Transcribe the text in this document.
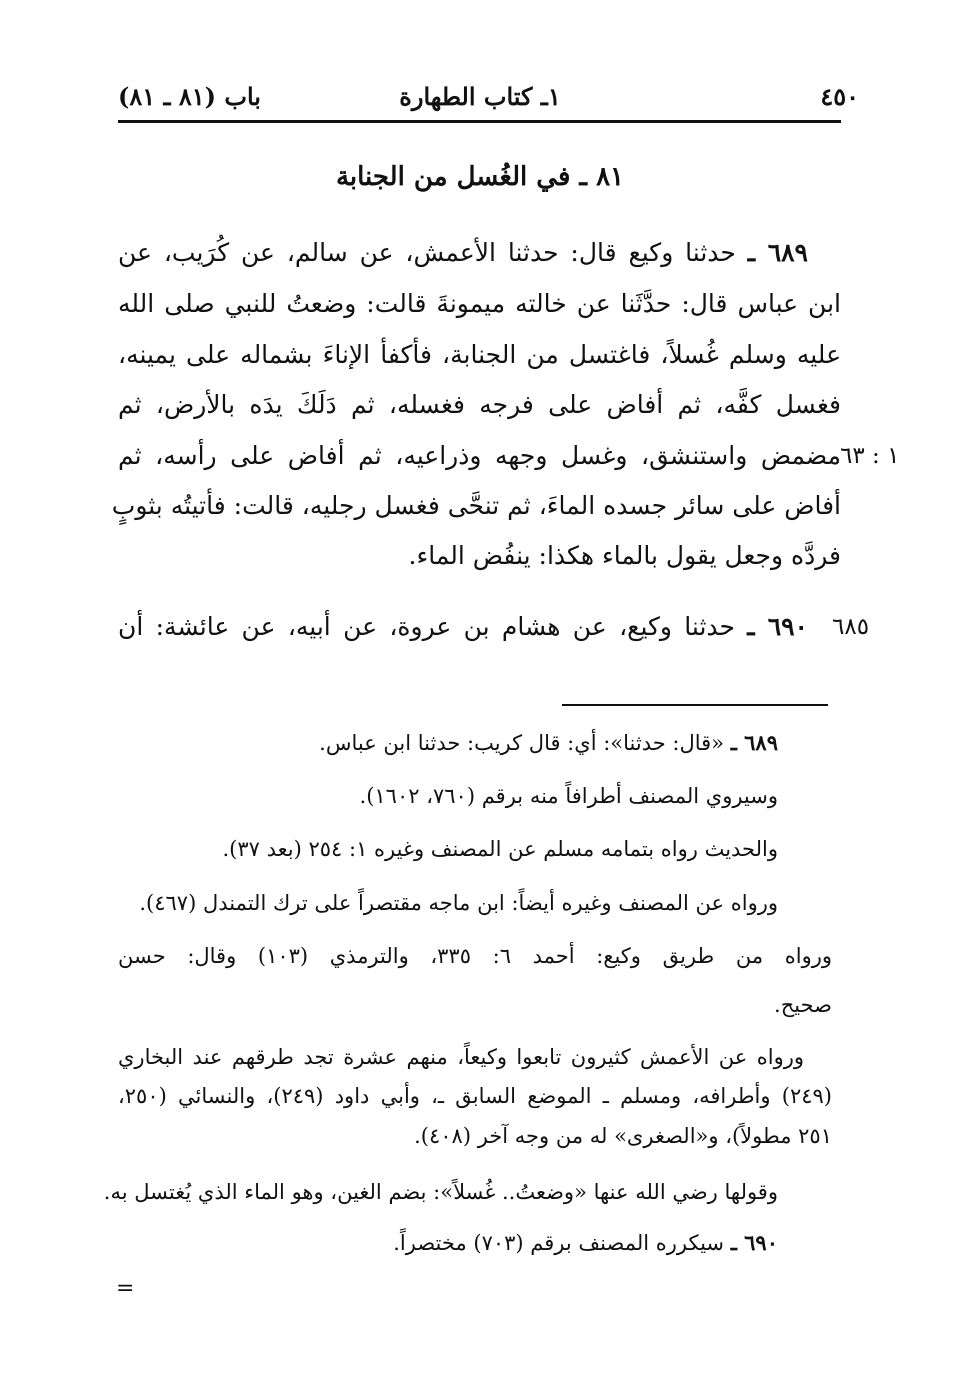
٤٥٠
١ـ كتاب الطهارة
باب (٨١ ـ ٨١)
٨١ ـ في الغُسل من الجنابة
٦٨٩ ـ حدثنا وكيع قال: حدثنا الأعمش، عن سالم، عن كُرَيب، عن
ابن عباس قال: حدَّثَنا عن خالته ميمونةَ قالت: وضعتُ للنبي صلى الله
عليه وسلم غُسلاً، فاغتسل من الجنابة، فأكفأ الإناءَ بشماله على يمينه،
فغسل كفَّه، ثم أفاض على فرجه فغسله، ثم دَلَكَ يدَه بالأرض، ثم
مضمض واستنشق، وغسل وجهه وذراعيه، ثم أفاض على رأسه، ثم
أفاض على سائر جسده الماءَ، ثم تنحَّى فغسل رجليه، قالت: فأتيتُه بثوبٍ
فردَّه وجعل يقول بالماء هكذا: ينفُض الماء.
١ : ٦٣
٦٩٠ ـ حدثنا وكيع، عن هشام بن عروة، عن أبيه، عن عائشة: أن	٦٨٥
٦٨٩ ـ «قال: حدثنا»: أي: قال كريب: حدثنا ابن عباس.
وسيروي المصنف أطرافاً منه برقم (٧٦٠، ١٦٠٢).
والحديث رواه بتمامه مسلم عن المصنف وغيره ١: ٢٥٤ (بعد ٣٧).
ورواه عن المصنف وغيره أيضاً: ابن ماجه مقتصراً على ترك التمندل (٤٦٧).
ورواه من طريق وكيع: أحمد ٦: ٣٣٥، والترمذي (١٠٣) وقال: حسن
صحيح.
ورواه عن الأعمش كثيرون تابعوا وكيعاً، منهم عشرة تجد طرقهم عند البخاري
(٢٤٩) وأطرافه، ومسلم ـ الموضع السابق ـ، وأبي داود (٢٤٩)، والنسائي (٢٥٠،
٢٥١ مطولاً)، و«الصغرى» له من وجه آخر (٤٠٨).
وقولها رضي الله عنها «وضعتُ.. غُسلاً»: بضم الغين، وهو الماء الذي يُغتسل به.
٦٩٠ ـ سيكرره المصنف برقم (٧٠٣) مختصراً.
=
